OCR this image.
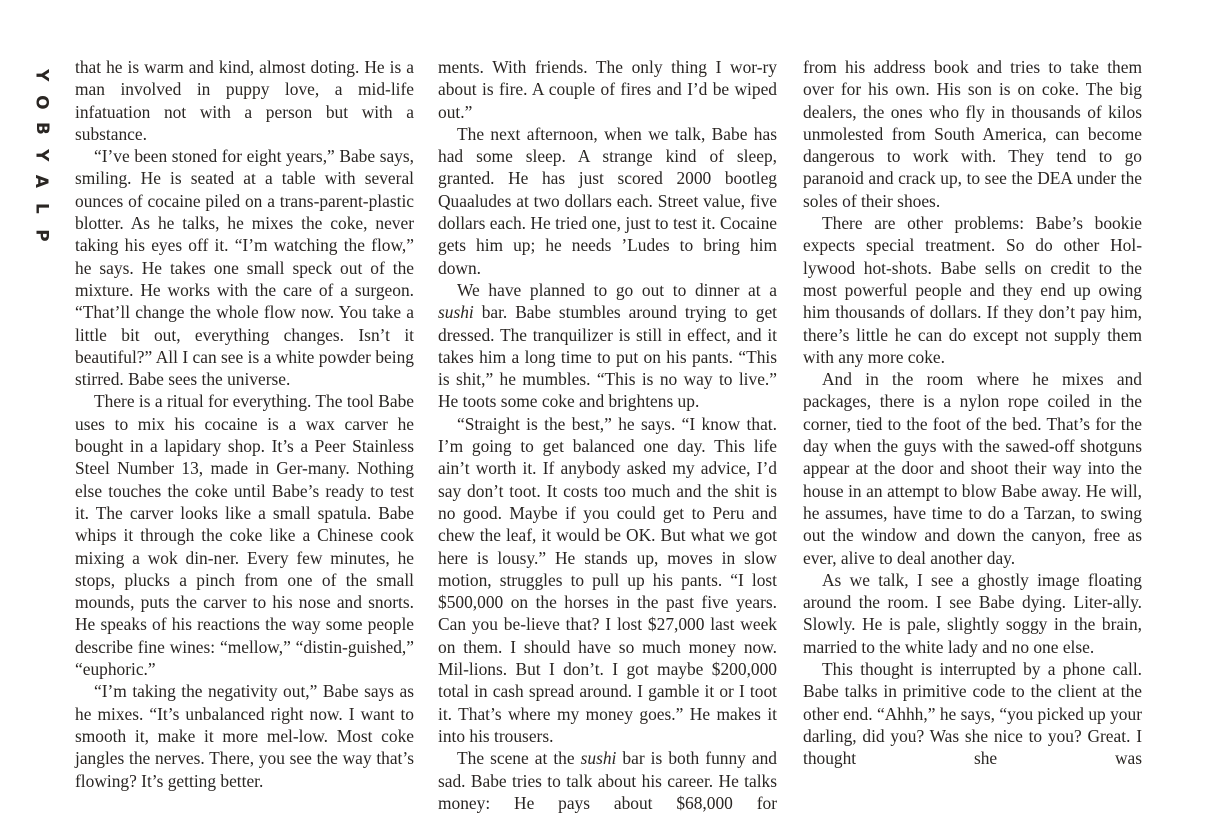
Y
O
B
Y
A
L
P

that he is warm and kind, almost doting. He is a man involved in puppy love, a mid-life infatuation not with a person but with a substance.

“I’ve been stoned for eight years,” Babe says, smiling. He is seated at a table with several ounces of cocaine piled on a trans-parent-plastic blotter. As he talks, he mixes the coke, never taking his eyes off it. “I’m watching the flow,” he says. He takes one small speck out of the mixture. He works with the care of a surgeon. “That’ll change the whole flow now. You take a little bit out, everything changes. Isn’t it beautiful?” All I can see is a white powder being stirred. Babe sees the universe.

There is a ritual for everything. The tool Babe uses to mix his cocaine is a wax carver he bought in a lapidary shop. It’s a Peer Stainless Steel Number 13, made in Ger-many. Nothing else touches the coke until Babe’s ready to test it. The carver looks like a small spatula. Babe whips it through the coke like a Chinese cook mixing a wok din-ner. Every few minutes, he stops, plucks a pinch from one of the small mounds, puts the carver to his nose and snorts. He speaks of his reactions the way some people describe fine wines: “mellow,” “distin-guished,” “euphoric.”

“I’m taking the negativity out,” Babe says as he mixes. “It’s unbalanced right now. I want to smooth it, make it more mel-low. Most coke jangles the nerves. There, you see the way that’s flowing? It’s getting better.

ments. With friends. The only thing I wor-ry about is fire. A couple of fires and I’d be wiped out.”

The next afternoon, when we talk, Babe has had some sleep. A strange kind of sleep, granted. He has just scored 2000 bootleg Quaaludes at two dollars each. Street value, five dollars each. He tried one, just to test it. Cocaine gets him up; he needs ’Ludes to bring him down.

We have planned to go out to dinner at a sushi bar. Babe stumbles around trying to get dressed. The tranquilizer is still in effect, and it takes him a long time to put on his pants. “This is shit,” he mumbles. “This is no way to live.” He toots some coke and brightens up.

“Straight is the best,” he says. “I know that. I’m going to get balanced one day. This life ain’t worth it. If anybody asked my advice, I’d say don’t toot. It costs too much and the shit is no good. Maybe if you could get to Peru and chew the leaf, it would be OK. But what we got here is lousy.” He stands up, moves in slow motion, struggles to pull up his pants. “I lost $500,000 on the horses in the past five years. Can you be-lieve that? I lost $27,000 last week on them. I should have so much money now. Mil-lions. But I don’t. I got maybe $200,000 total in cash spread around. I gamble it or I toot it. That’s where my money goes.” He makes it into his trousers.

The scene at the sushi bar is both funny and sad. Babe tries to talk about his career. He talks money: He pays about $68,000 for

from his address book and tries to take them over for his own. His son is on coke. The big dealers, the ones who fly in thousands of kilos unmolested from South America, can become dangerous to work with. They tend to go paranoid and crack up, to see the DEA under the soles of their shoes.

There are other problems: Babe’s bookie expects special treatment. So do other Hol-lywood hot-shots. Babe sells on credit to the most powerful people and they end up owing him thousands of dollars. If they don’t pay him, there’s little he can do except not supply them with any more coke.

And in the room where he mixes and packages, there is a nylon rope coiled in the corner, tied to the foot of the bed. That’s for the day when the guys with the sawed-off shotguns appear at the door and shoot their way into the house in an attempt to blow Babe away. He will, he assumes, have time to do a Tarzan, to swing out the window and down the canyon, free as ever, alive to deal another day.

As we talk, I see a ghostly image floating around the room. I see Babe dying. Liter-ally. Slowly. He is pale, slightly soggy in the brain, married to the white lady and no one else.

This thought is interrupted by a phone call. Babe talks in primitive code to the client at the other end. “Ahhh,” he says, “you picked up your darling, did you? Was she nice to you? Great. I thought she was
